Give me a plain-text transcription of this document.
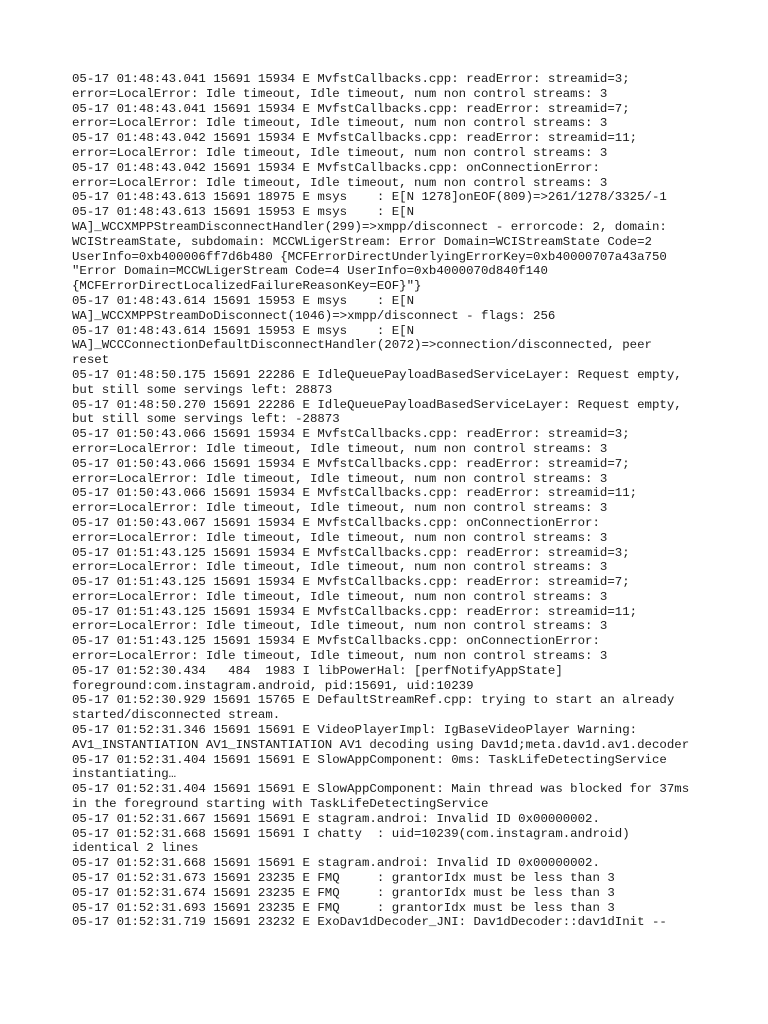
05-17 01:48:43.041 15691 15934 E MvfstCallbacks.cpp: readError: streamid=3;
error=LocalError: Idle timeout, Idle timeout, num non control streams: 3
05-17 01:48:43.041 15691 15934 E MvfstCallbacks.cpp: readError: streamid=7;
error=LocalError: Idle timeout, Idle timeout, num non control streams: 3
05-17 01:48:43.042 15691 15934 E MvfstCallbacks.cpp: readError: streamid=11;
error=LocalError: Idle timeout, Idle timeout, num non control streams: 3
05-17 01:48:43.042 15691 15934 E MvfstCallbacks.cpp: onConnectionError:
error=LocalError: Idle timeout, Idle timeout, num non control streams: 3
05-17 01:48:43.613 15691 18975 E msys    : E[N 1278]onEOF(809)=>261/1278/3325/-1
05-17 01:48:43.613 15691 15953 E msys    : E[N
WA]_WCCXMPPStreamDisconnectHandler(299)=>xmpp/disconnect - errorcode: 2, domain:
WCIStreamState, subdomain: MCCWLigerStream: Error Domain=WCIStreamState Code=2
UserInfo=0xb400006ff7d6b480 {MCFErrorDirectUnderlyingErrorKey=0xb40000707a43a750
"Error Domain=MCCWLigerStream Code=4 UserInfo=0xb4000070d840f140
{MCFErrorDirectLocalizedFailureReasonKey=EOF}"}
05-17 01:48:43.614 15691 15953 E msys    : E[N
WA]_WCCXMPPStreamDoDisconnect(1046)=>xmpp/disconnect - flags: 256
05-17 01:48:43.614 15691 15953 E msys    : E[N
WA]_WCCConnectionDefaultDisconnectHandler(2072)=>connection/disconnected, peer
reset
05-17 01:48:50.175 15691 22286 E IdleQueuePayloadBasedServiceLayer: Request empty,
but still some servings left: 28873
05-17 01:48:50.270 15691 22286 E IdleQueuePayloadBasedServiceLayer: Request empty,
but still some servings left: -28873
05-17 01:50:43.066 15691 15934 E MvfstCallbacks.cpp: readError: streamid=3;
error=LocalError: Idle timeout, Idle timeout, num non control streams: 3
05-17 01:50:43.066 15691 15934 E MvfstCallbacks.cpp: readError: streamid=7;
error=LocalError: Idle timeout, Idle timeout, num non control streams: 3
05-17 01:50:43.066 15691 15934 E MvfstCallbacks.cpp: readError: streamid=11;
error=LocalError: Idle timeout, Idle timeout, num non control streams: 3
05-17 01:50:43.067 15691 15934 E MvfstCallbacks.cpp: onConnectionError:
error=LocalError: Idle timeout, Idle timeout, num non control streams: 3
05-17 01:51:43.125 15691 15934 E MvfstCallbacks.cpp: readError: streamid=3;
error=LocalError: Idle timeout, Idle timeout, num non control streams: 3
05-17 01:51:43.125 15691 15934 E MvfstCallbacks.cpp: readError: streamid=7;
error=LocalError: Idle timeout, Idle timeout, num non control streams: 3
05-17 01:51:43.125 15691 15934 E MvfstCallbacks.cpp: readError: streamid=11;
error=LocalError: Idle timeout, Idle timeout, num non control streams: 3
05-17 01:51:43.125 15691 15934 E MvfstCallbacks.cpp: onConnectionError:
error=LocalError: Idle timeout, Idle timeout, num non control streams: 3
05-17 01:52:30.434   484  1983 I libPowerHal: [perfNotifyAppState]
foreground:com.instagram.android, pid:15691, uid:10239
05-17 01:52:30.929 15691 15765 E DefaultStreamRef.cpp: trying to start an already
started/disconnected stream.
05-17 01:52:31.346 15691 15691 E VideoPlayerImpl: IgBaseVideoPlayer Warning:
AV1_INSTANTIATION AV1_INSTANTIATION AV1 decoding using Dav1d;meta.dav1d.av1.decoder
05-17 01:52:31.404 15691 15691 E SlowAppComponent: 0ms: TaskLifeDetectingService
instantiating…
05-17 01:52:31.404 15691 15691 E SlowAppComponent: Main thread was blocked for 37ms
in the foreground starting with TaskLifeDetectingService
05-17 01:52:31.667 15691 15691 E stagram.androi: Invalid ID 0x00000002.
05-17 01:52:31.668 15691 15691 I chatty  : uid=10239(com.instagram.android)
identical 2 lines
05-17 01:52:31.668 15691 15691 E stagram.androi: Invalid ID 0x00000002.
05-17 01:52:31.673 15691 23235 E FMQ     : grantorIdx must be less than 3
05-17 01:52:31.674 15691 23235 E FMQ     : grantorIdx must be less than 3
05-17 01:52:31.693 15691 23235 E FMQ     : grantorIdx must be less than 3
05-17 01:52:31.719 15691 23232 E ExoDav1dDecoder_JNI: Dav1dDecoder::dav1dInit --
